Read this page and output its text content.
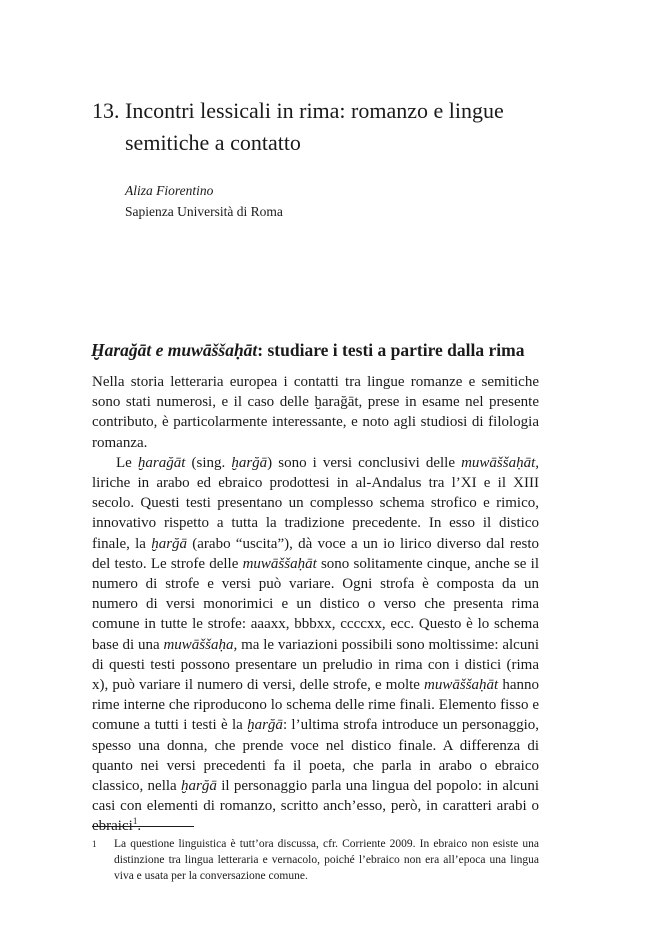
13. Incontri lessicali in rima: romanzo e lingue
semitiche a contatto
Aliza Fiorentino
Sapienza Università di Roma
Ḫarağāt e muwāššaḥāt: studiare i testi a partire dalla rima

Nella storia letteraria europea i contatti tra lingue romanze e semitiche sono stati numerosi, e il caso delle ḫarağāt, prese in esame nel presente contributo, è particolarmente interessante, e noto agli studiosi di filologia romanza.

Le ḫarağāt (sing. ḫarğā) sono i versi conclusivi delle muwāššaḥāt, liriche in arabo ed ebraico prodottesi in al-Andalus tra l’XI e il XIII secolo. Questi testi presentano un complesso schema strofico e rimico, innovativo rispetto a tutta la tradizione precedente. In esso il distico finale, la ḫarğā (arabo “uscita”), dà voce a un io lirico diverso dal resto del testo. Le strofe delle muwāššaḥāt sono solitamente cinque, anche se il numero di strofe e versi può variare. Ogni strofa è composta da un numero di versi monorimici e un distico o verso che presenta rima comune in tutte le strofe: aaaxx, bbbxx, ccccxx, ecc. Questo è lo schema base di una muwāššaḥa, ma le variazioni possibili sono moltissime: alcuni di questi testi possono presentare un preludio in rima con i distici (rima x), può variare il numero di versi, delle strofe, e molte muwāššaḥāt hanno rime interne che riproducono lo schema delle rime finali. Elemento fisso e comune a tutti i testi è la ḫarğā: l’ultima strofa introduce un personaggio, spesso una donna, che prende voce nel distico finale. A differenza di quanto nei versi precedenti fa il poeta, che parla in arabo o ebraico classico, nella ḫarğā il personaggio parla una lingua del popolo: in alcuni casi con elementi di romanzo, scritto anch’esso, però, in caratteri arabi o ebraici$^1$.

1	La questione linguistica è tutt’ora discussa, cfr. Corriente 2009. In ebraico non esiste una distinzione tra lingua letteraria e vernacolo, poiché l’ebraico non era all’epoca una lingua viva e usata per la conversazione comune.
